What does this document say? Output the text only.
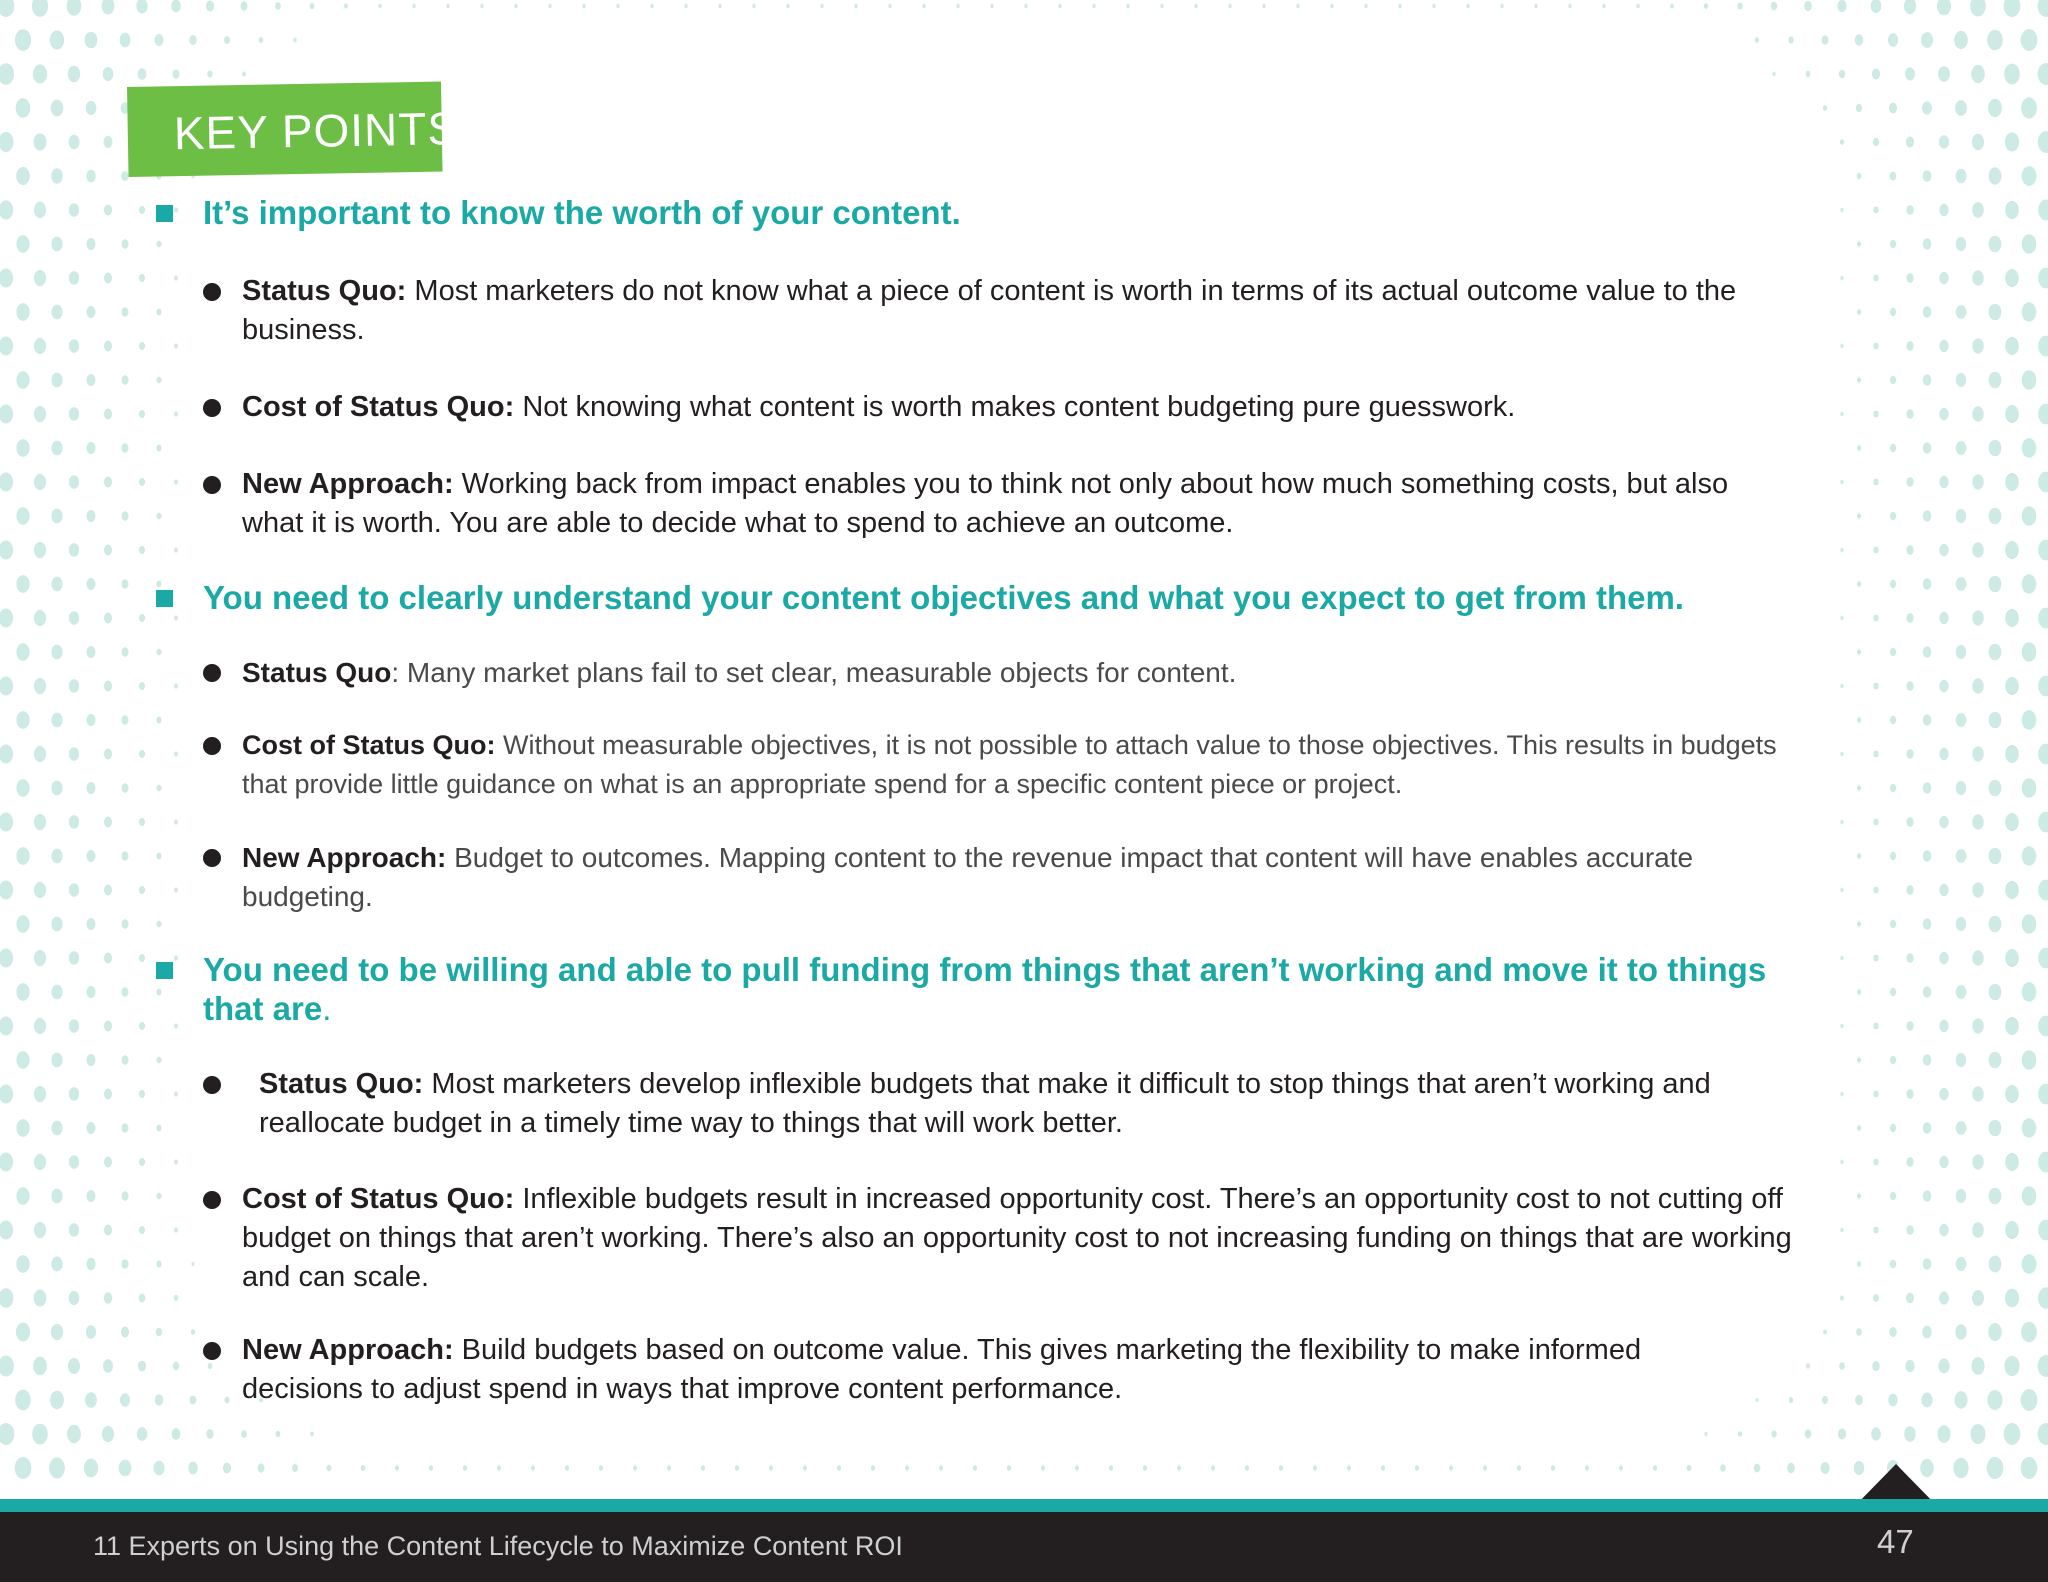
KEY POINTS
It’s important to know the worth of your content.
Status Quo: Most marketers do not know what a piece of content is worth in terms of its actual outcome value to the business.
Cost of Status Quo: Not knowing what content is worth makes content budgeting pure guesswork.
New Approach: Working back from impact enables you to think not only about how much something costs, but also what it is worth. You are able to decide what to spend to achieve an outcome.
You need to clearly understand your content objectives and what you expect to get from them.
Status Quo: Many market plans fail to set clear, measurable objects for content.
Cost of Status Quo: Without measurable objectives, it is not possible to attach value to those objectives. This results in budgets that provide little guidance on what is an appropriate spend for a specific content piece or project.
New Approach: Budget to outcomes. Mapping content to the revenue impact that content will have enables accurate budgeting.
You need to be willing and able to pull funding from things that aren’t working and move it to things that are.
Status Quo: Most marketers develop inflexible budgets that make it difficult to stop things that aren’t working and reallocate budget in a timely time way to things that will work better.
Cost of Status Quo: Inflexible budgets result in increased opportunity cost. There’s an opportunity cost to not cutting off budget on things that aren’t working. There’s also an opportunity cost to not increasing funding on things that are working and can scale.
New Approach: Build budgets based on outcome value. This gives marketing the flexibility to make informed decisions to adjust spend in ways that improve content performance.
11 Experts on Using the Content Lifecycle to Maximize Content ROI	47
